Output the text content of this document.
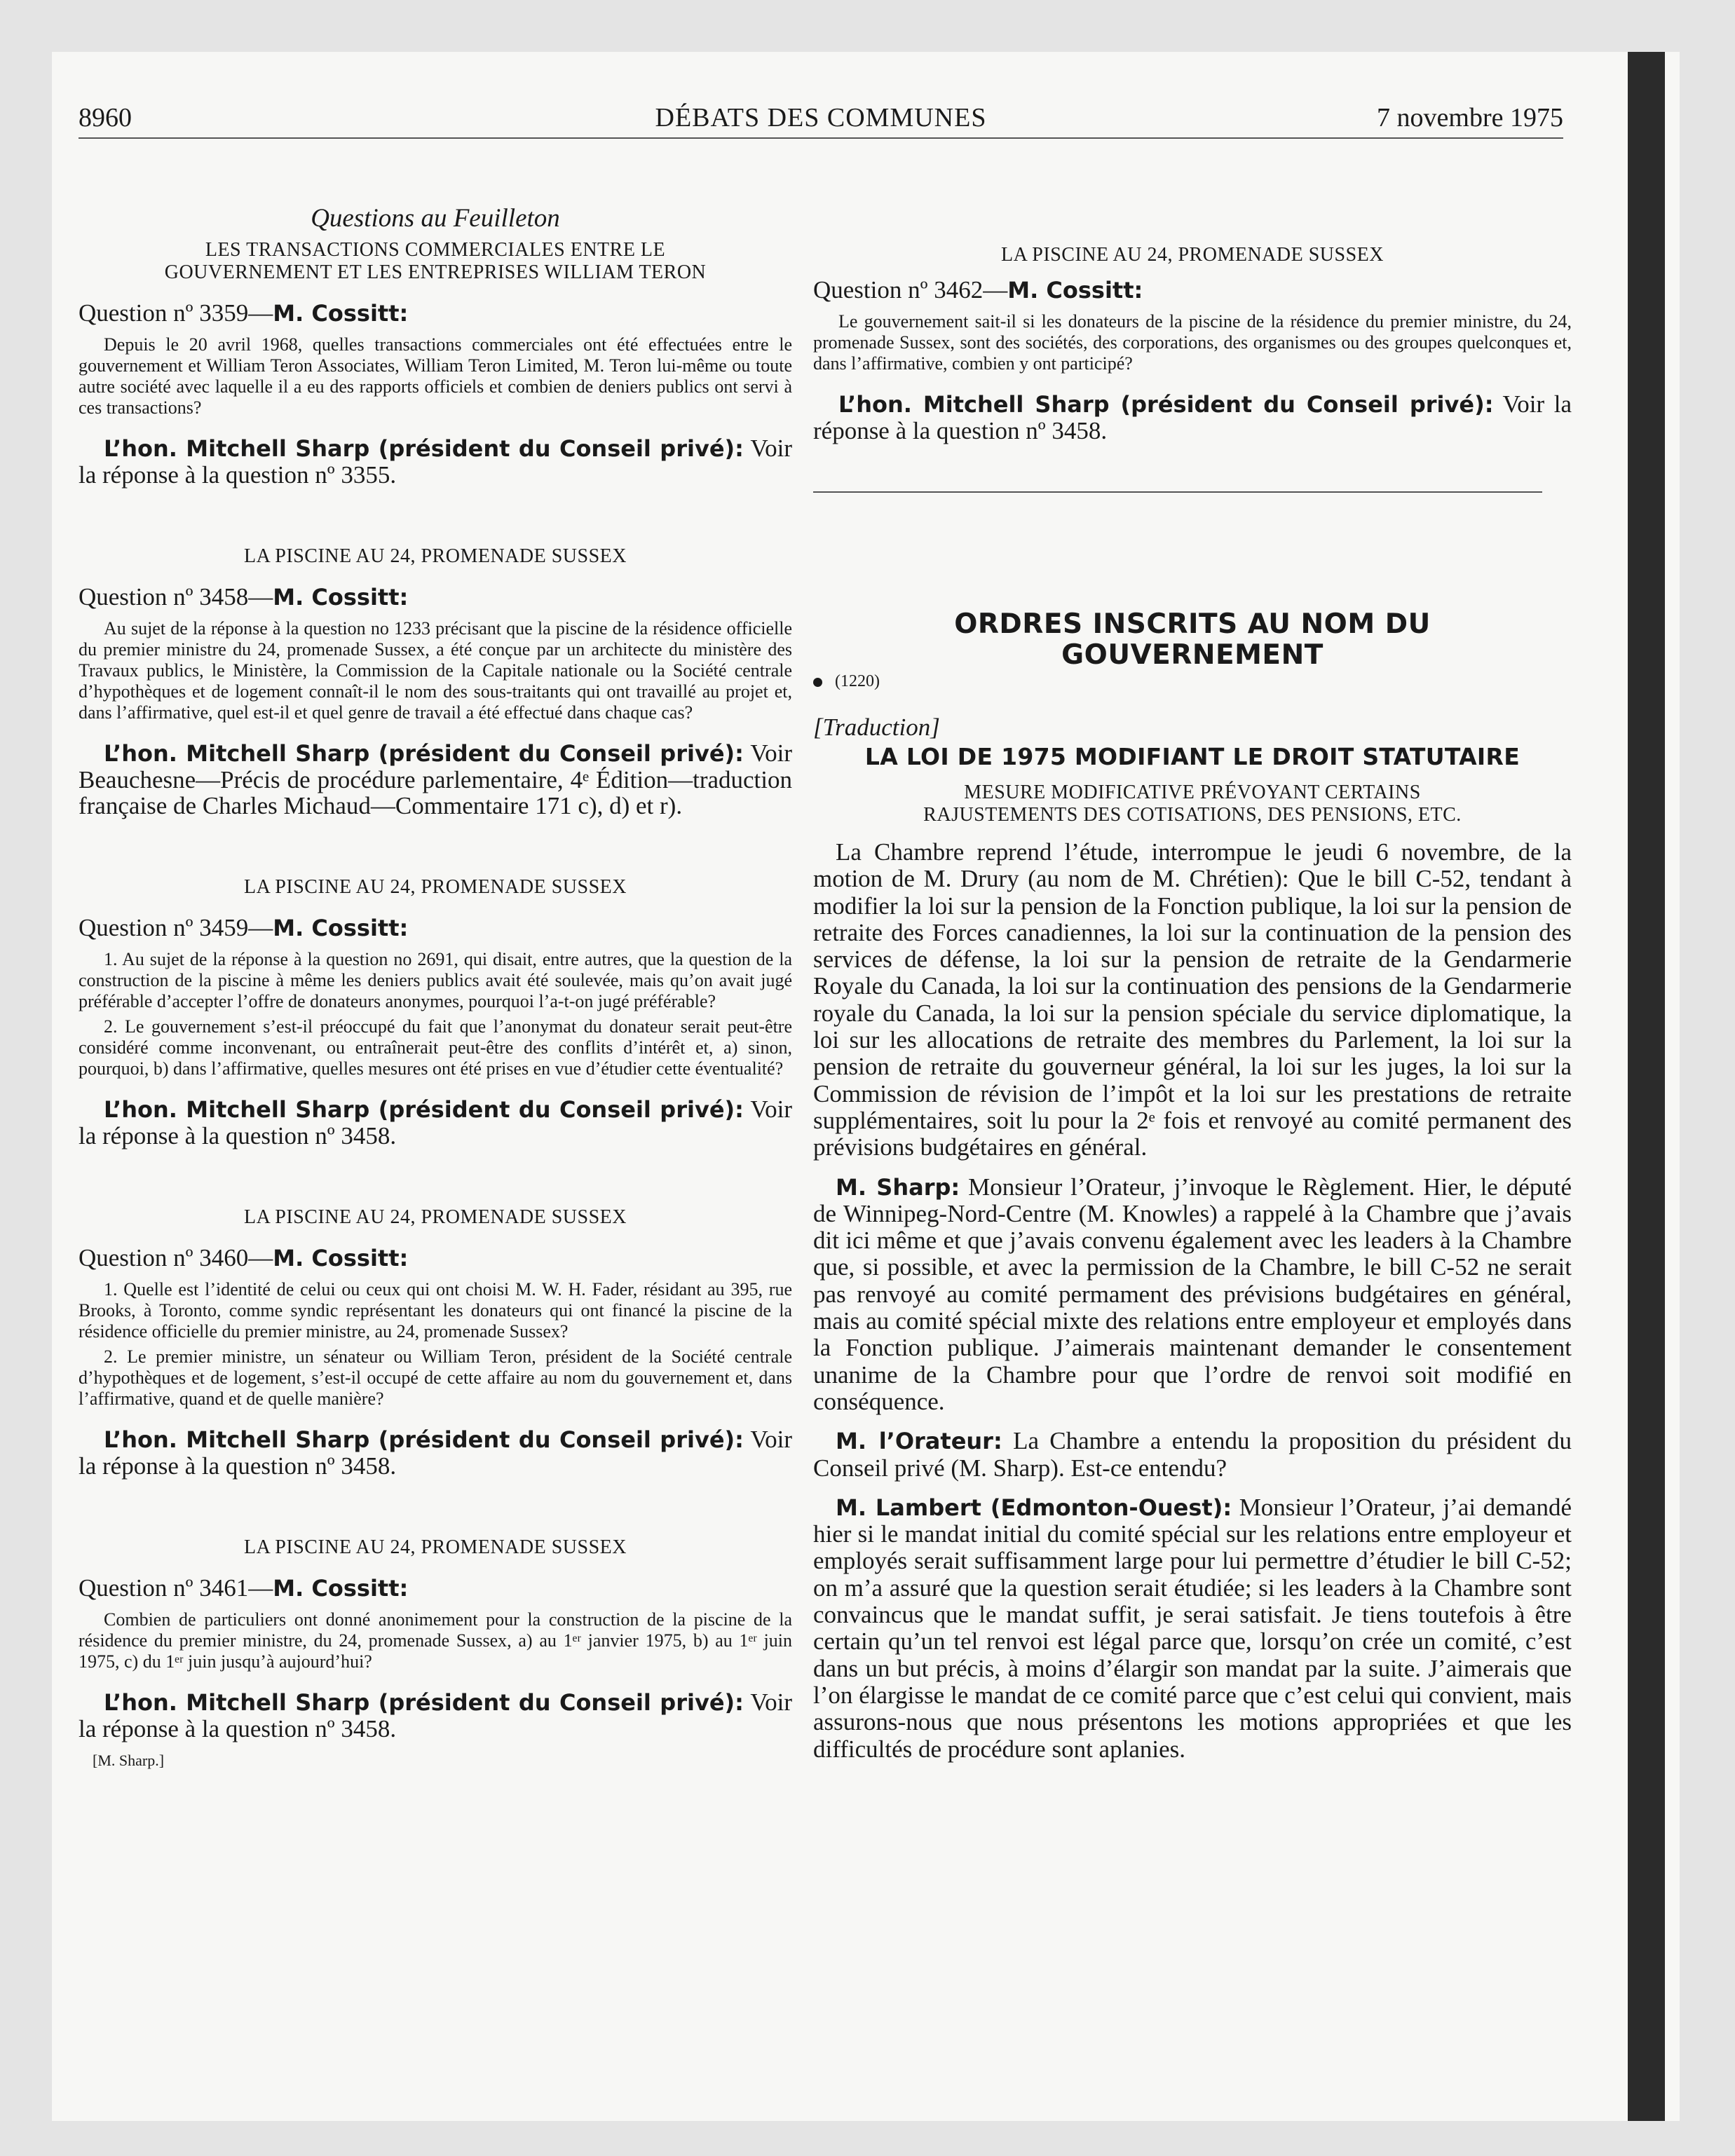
8960	DÉBATS DES COMMUNES	7 novembre 1975
Questions au Feuilleton

LES TRANSACTIONS COMMERCIALES ENTRE LE
GOUVERNEMENT ET LES ENTREPRISES WILLIAM TERON

Question nº 3359—M. Cossitt:

Depuis le 20 avril 1968, quelles transactions commerciales ont été effectuées entre le gouvernement et William Teron Associates, William Teron Limited, M. Teron lui-même ou toute autre société avec laquelle il a eu des rapports officiels et combien de deniers publics ont servi à ces transactions?

L’hon. Mitchell Sharp (président du Conseil privé): Voir la réponse à la question nº 3355.

LA PISCINE AU 24, PROMENADE SUSSEX

Question nº 3458—M. Cossitt:

Au sujet de la réponse à la question no 1233 précisant que la piscine de la résidence officielle du premier ministre du 24, promenade Sussex, a été conçue par un architecte du ministère des Travaux publics, le Ministère, la Commission de la Capitale nationale ou la Société centrale d’hypothèques et de logement connaît-il le nom des sous-traitants qui ont travaillé au projet et, dans l’affirmative, quel est-il et quel genre de travail a été effectué dans chaque cas?

L’hon. Mitchell Sharp (président du Conseil privé): Voir Beauchesne—Précis de procédure parlementaire, 4ᵉ Édition—traduction française de Charles Michaud—Commentaire 171 c), d) et r).

LA PISCINE AU 24, PROMENADE SUSSEX

Question nº 3459—M. Cossitt:

1. Au sujet de la réponse à la question no 2691, qui disait, entre autres, que la question de la construction de la piscine à même les deniers publics avait été soulevée, mais qu’on avait jugé préférable d’accepter l’offre de donateurs anonymes, pourquoi l’a-t-on jugé préférable?

2. Le gouvernement s’est-il préoccupé du fait que l’anonymat du donateur serait peut-être considéré comme inconvenant, ou entraînerait peut-être des conflits d’intérêt et, a) sinon, pourquoi, b) dans l’affirmative, quelles mesures ont été prises en vue d’étudier cette éventualité?

L’hon. Mitchell Sharp (président du Conseil privé): Voir la réponse à la question nº 3458.

LA PISCINE AU 24, PROMENADE SUSSEX

Question nº 3460—M. Cossitt:

1. Quelle est l’identité de celui ou ceux qui ont choisi M. W. H. Fader, résidant au 395, rue Brooks, à Toronto, comme syndic représentant les donateurs qui ont financé la piscine de la résidence officielle du premier ministre, au 24, promenade Sussex?

2. Le premier ministre, un sénateur ou William Teron, président de la Société centrale d’hypothèques et de logement, s’est-il occupé de cette affaire au nom du gouvernement et, dans l’affirmative, quand et de quelle manière?

L’hon. Mitchell Sharp (président du Conseil privé): Voir la réponse à la question nº 3458.

LA PISCINE AU 24, PROMENADE SUSSEX

Question nº 3461—M. Cossitt:

Combien de particuliers ont donné anonimement pour la construction de la piscine de la résidence du premier ministre, du 24, promenade Sussex, a) au 1ᵉʳ janvier 1975, b) au 1ᵉʳ juin 1975, c) du 1ᵉʳ juin jusqu’à aujourd’hui?

L’hon. Mitchell Sharp (président du Conseil privé): Voir la réponse à la question nº 3458.

[M. Sharp.]

LA PISCINE AU 24, PROMENADE SUSSEX

Question nº 3462—M. Cossitt:

Le gouvernement sait-il si les donateurs de la piscine de la résidence du premier ministre, du 24, promenade Sussex, sont des sociétés, des corporations, des organismes ou des groupes quelconques et, dans l’affirmative, combien y ont participé?

L’hon. Mitchell Sharp (président du Conseil privé): Voir la réponse à la question nº 3458.

ORDRES INSCRITS AU NOM DU
GOUVERNEMENT
(1220)
[Traduction]
LA LOI DE 1975 MODIFIANT LE DROIT STATUTAIRE

MESURE MODIFICATIVE PRÉVOYANT CERTAINS
RAJUSTEMENTS DES COTISATIONS, DES PENSIONS, ETC.

La Chambre reprend l’étude, interrompue le jeudi 6 novembre, de la motion de M. Drury (au nom de M. Chrétien): Que le bill C-52, tendant à modifier la loi sur la pension de la Fonction publique, la loi sur la pension de retraite des Forces canadiennes, la loi sur la continuation de la pension des services de défense, la loi sur la pension de retraite de la Gendarmerie Royale du Canada, la loi sur la continuation des pensions de la Gendarmerie royale du Canada, la loi sur la pension spéciale du service diplomatique, la loi sur les allocations de retraite des membres du Parlement, la loi sur la pension de retraite du gouverneur général, la loi sur les juges, la loi sur la Commission de révision de l’impôt et la loi sur les prestations de retraite supplémentaires, soit lu pour la 2ᵉ fois et renvoyé au comité permanent des prévisions budgétaires en général.

M. Sharp: Monsieur l’Orateur, j’invoque le Règlement. Hier, le député de Winnipeg-Nord-Centre (M. Knowles) a rappelé à la Chambre que j’avais dit ici même et que j’avais convenu également avec les leaders à la Chambre que, si possible, et avec la permission de la Chambre, le bill C-52 ne serait pas renvoyé au comité permament des prévisions budgétaires en général, mais au comité spécial mixte des relations entre employeur et employés dans la Fonction publique. J’aimerais maintenant demander le consentement unanime de la Chambre pour que l’ordre de renvoi soit modifié en conséquence.

M. l’Orateur: La Chambre a entendu la proposition du président du Conseil privé (M. Sharp). Est-ce entendu?

M. Lambert (Edmonton-Ouest): Monsieur l’Orateur, j’ai demandé hier si le mandat initial du comité spécial sur les relations entre employeur et employés serait suffisamment large pour lui permettre d’étudier le bill C-52; on m’a assuré que la question serait étudiée; si les leaders à la Chambre sont convaincus que le mandat suffit, je serai satisfait. Je tiens toutefois à être certain qu’un tel renvoi est légal parce que, lorsqu’on crée un comité, c’est dans un but précis, à moins d’élargir son mandat par la suite. J’aimerais que l’on élargisse le mandat de ce comité parce que c’est celui qui convient, mais assurons-nous que nous présentons les motions appropriées et que les difficultés de procédure sont aplanies.
